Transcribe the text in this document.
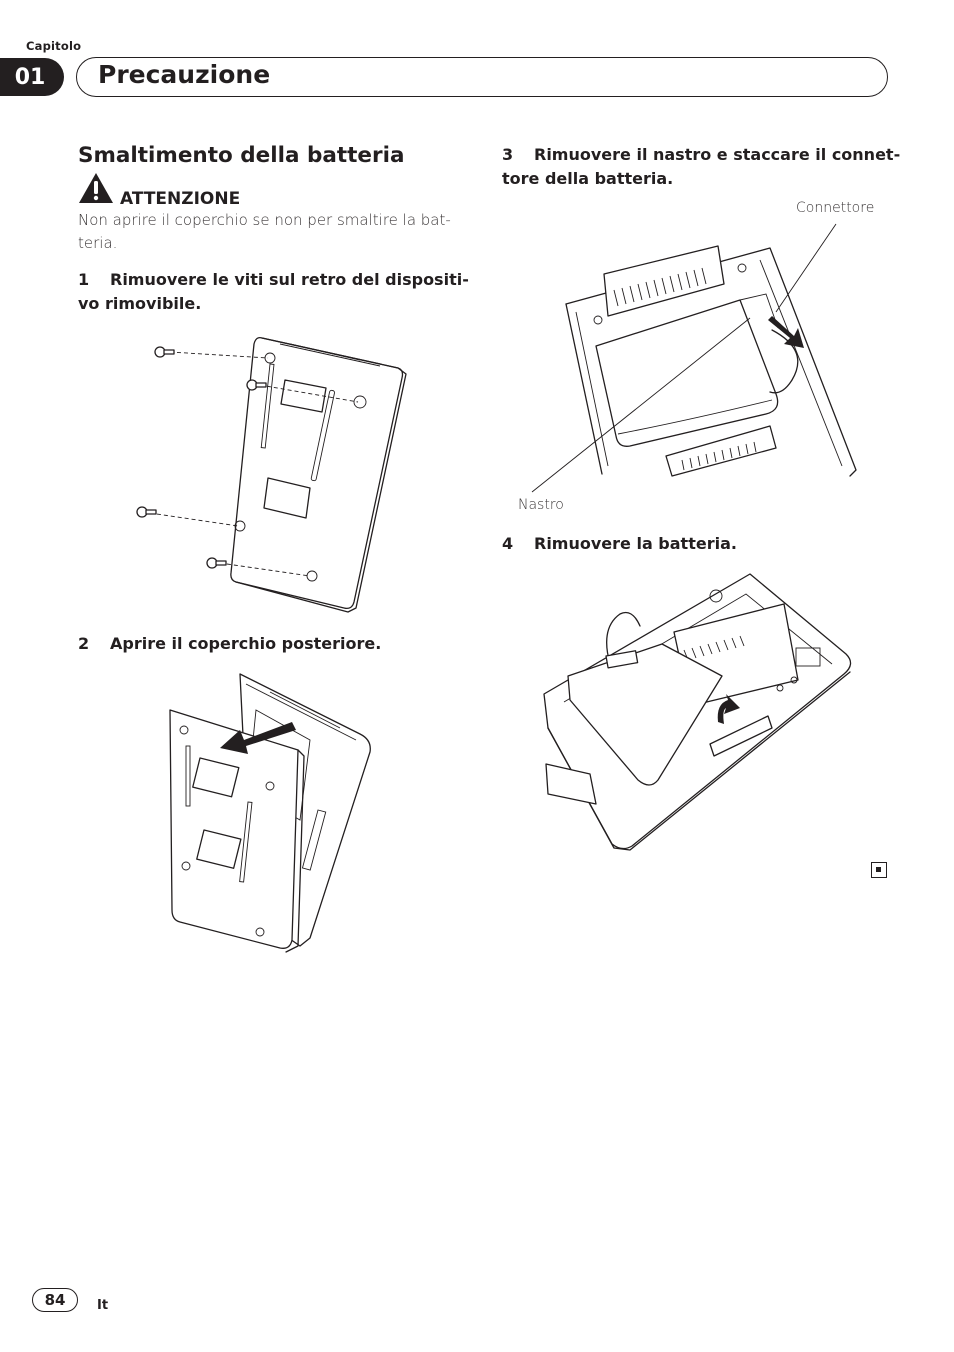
Capitolo
01	Precauzione
Smaltimento della batteria
ATTENZIONE
Non aprire il coperchio se non per smaltire la bat-
teria.
1 Rimuovere le viti sul retro del dispositi-
vo rimovibile.
2 Aprire il coperchio posteriore.
3 Rimuovere il nastro e staccare il connet-
tore della batteria.
Connettore
Nastro
4 Rimuovere la batteria.
84	It
